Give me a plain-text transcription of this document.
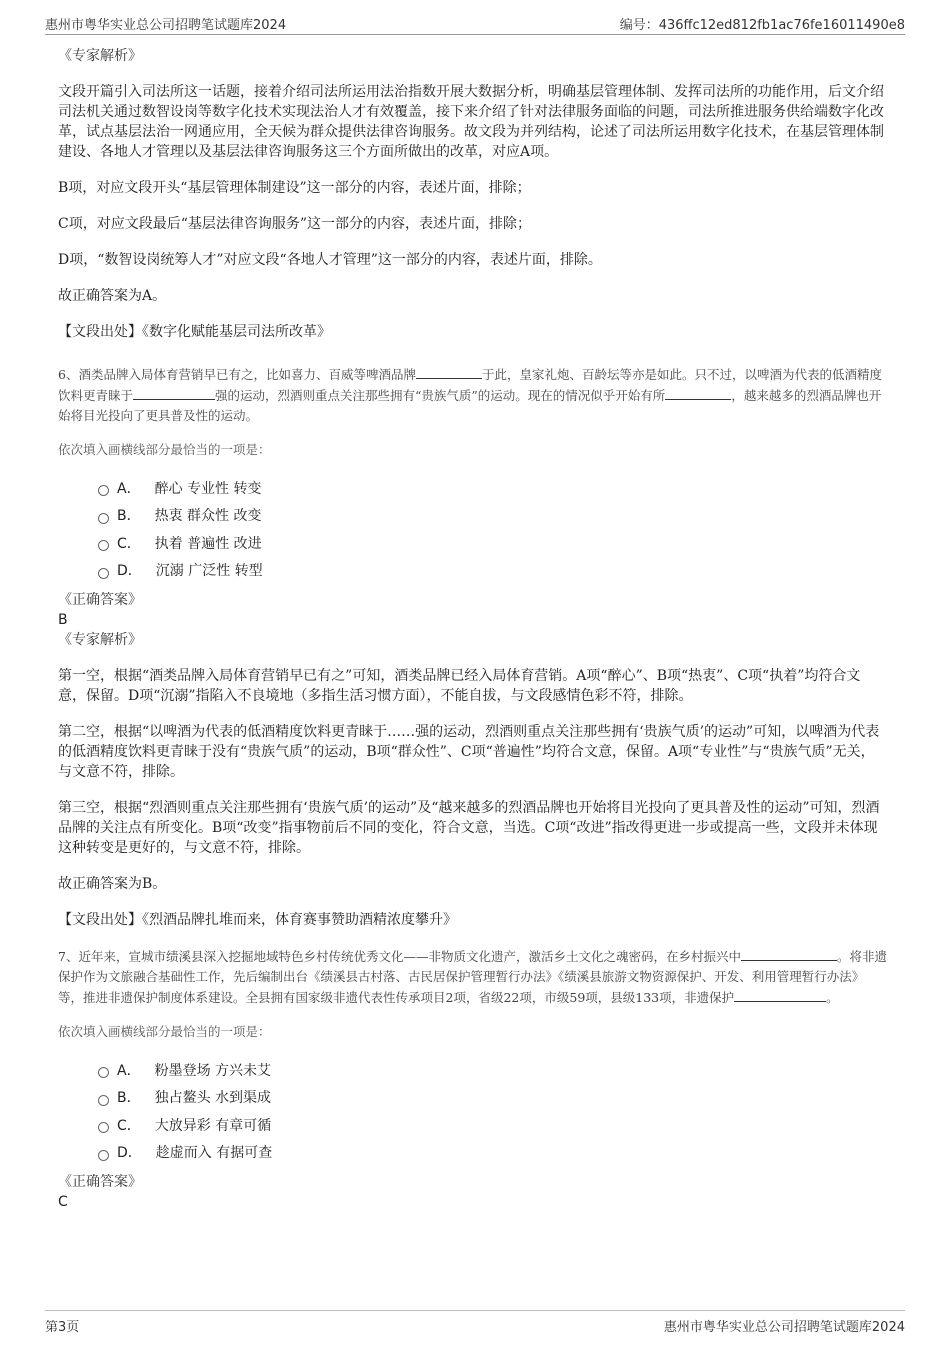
惠州市粤华实业总公司招聘笔试题库2024	编号：436ffc12ed812fb1ac76fe16011490e8

《专家解析》

文段开篇引入司法所这一话题，接着介绍司法所运用法治指数开展大数据分析，明确基层管理体制、发挥司法所的功能作用，后文介绍司法机关通过数智设岗等数字化技术实现法治人才有效覆盖，接下来介绍了针对法律服务面临的问题，司法所推进服务供给端数字化改革，试点基层法治一网通应用，全天候为群众提供法律咨询服务。故文段为并列结构，论述了司法所运用数字化技术，在基层管理体制建设、各地人才管理以及基层法律咨询服务这三个方面所做出的改革，对应A项。

B项，对应文段开头“基层管理体制建设”这一部分的内容，表述片面，排除；

C项，对应文段最后“基层法律咨询服务”这一部分的内容，表述片面，排除；

D项，“数智设岗统筹人才”对应文段“各地人才管理”这一部分的内容，表述片面，排除。

故正确答案为A。

【文段出处】《数字化赋能基层司法所改革》

6、酒类品牌入局体育营销早已有之，比如喜力、百威等啤酒品牌	于此，皇家礼炮、百龄坛等亦是如此。只不过，以啤酒为代表的低酒精度饮料更青睐于	强的运动，烈酒则重点关注那些拥有“贵族气质”的运动。现在的情况似乎开始有所	，越来越多的烈酒品牌也开始将目光投向了更具普及性的运动。

依次填入画横线部分最恰当的一项是：

A． 醉心 专业性 转变
B． 热衷 群众性 改变
C． 执着 普遍性 改进
D． 沉溺 广泛性 转型

《正确答案》

B

《专家解析》

第一空，根据“酒类品牌入局体育营销早已有之”可知，酒类品牌已经入局体育营销。A项“醉心”、B项“热衷”、C项“执着”均符合文意，保留。D项“沉溺”指陷入不良境地（多指生活习惯方面），不能自拔，与文段感情色彩不符，排除。

第二空，根据“以啤酒为代表的低酒精度饮料更青睐于……强的运动，烈酒则重点关注那些拥有‘贵族气质’的运动”可知，以啤酒为代表的低酒精度饮料更青睐于没有“贵族气质”的运动，B项“群众性”、C项“普遍性”均符合文意，保留。A项“专业性”与“贵族气质”无关，与文意不符，排除。

第三空，根据“烈酒则重点关注那些拥有‘贵族气质’的运动”及“越来越多的烈酒品牌也开始将目光投向了更具普及性的运动”可知，烈酒品牌的关注点有所变化。B项“改变”指事物前后不同的变化，符合文意，当选。C项“改进”指改得更进一步或提高一些，文段并未体现这种转变是更好的，与文意不符，排除。

故正确答案为B。

【文段出处】《烈酒品牌扎堆而来，体育赛事赞助酒精浓度攀升》

7、近年来，宣城市绩溪县深入挖掘地域特色乡村传统优秀文化——非物质文化遗产，激活乡土文化之魂密码，在乡村振兴中	。将非遗保护作为文旅融合基础性工作，先后编制出台《绩溪县古村落、古民居保护管理暂行办法》《绩溪县旅游文物资源保护、开发、利用管理暂行办法》等，推进非遗保护制度体系建设。全县拥有国家级非遗代表性传承项目2项，省级22项，市级59项，县级133项，非遗保护	。

依次填入画横线部分最恰当的一项是：

A． 粉墨登场 方兴未艾
B． 独占鳌头 水到渠成
C． 大放异彩 有章可循
D． 趁虚而入 有据可查

《正确答案》

C

第3页	惠州市粤华实业总公司招聘笔试题库2024
